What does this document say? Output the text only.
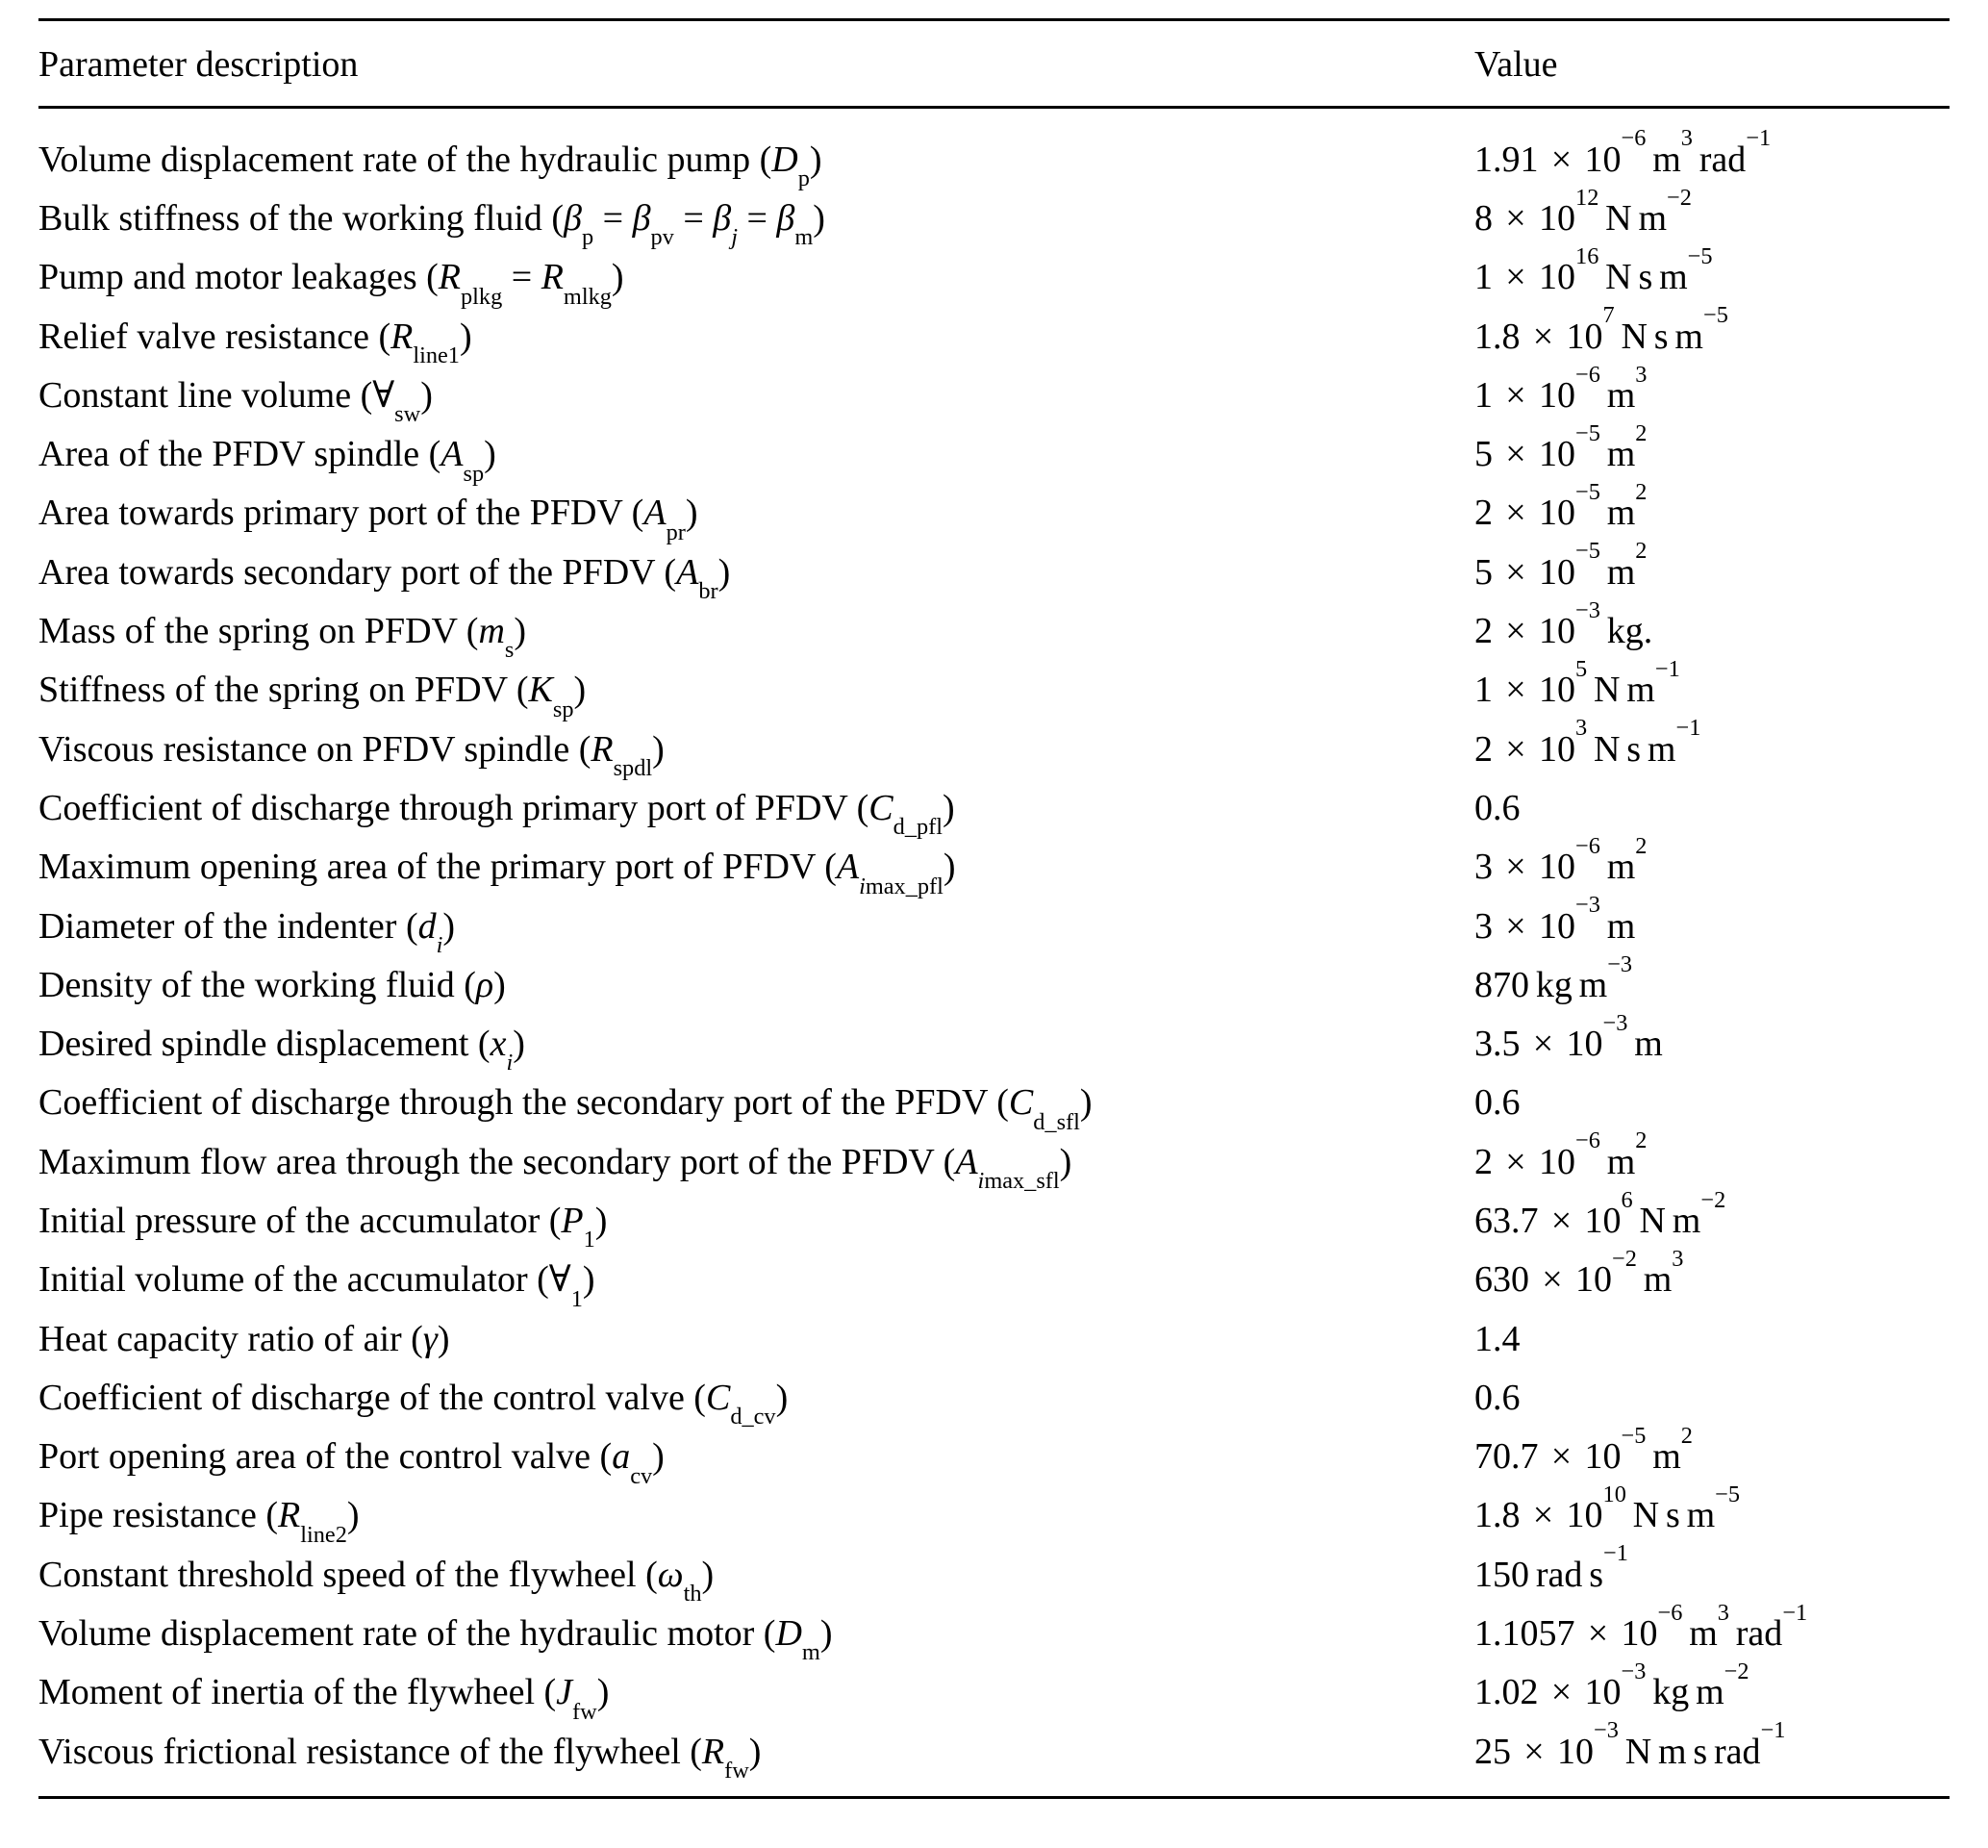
Parameter description	Value
Volume displacement rate of the hydraulic pump $(D_p)$	$1.91 \times 10^{-6}m^3rad^{-1}$
Bulk stiffness of the working fluid $(\beta_p = \beta_{pv} = \beta_j = \beta_m)$	$8 \times 10^{12}N$ $m^{-2}$
Pump and motor leakages $(R_{plkg} = R_{mlkg})$	$1 \times 10^{16}N$ s $m^{-5}$
Relief valve resistance $(R_{line1})$	$1.8 \times 10^7N$ s $m^{-5}$
Constant line volume $(\forall_{sw})$	$1 \times 10^{-6}m^3$
Area of the PFDV spindle $(A_{sp})$	$5 \times 10^{-5}m^2$
Area towards primary port of the PFDV $(A_{pr})$	$2 \times 10^{-5}m^2$
Area towards secondary port of the PFDV $(A_{br})$	$5 \times 10^{-5}m^2$
Mass of the spring on PFDV $(m_s)$	$2 \times 10^{-3}kg$.
Stiffness of the spring on PFDV $(K_{sp})$	$1 \times 10^5N$ $m^{-1}$
Viscous resistance on PFDV spindle $(R_{spdl})$	$2 \times 10^3N$ s $m^{-1}$
Coefficient of discharge through primary port of PFDV $(C_{d\_pfl})$	0.6
Maximum opening area of the primary port of PFDV $(A_{imax\_pfl})$	$3 \times 10^{-6}m^2$
Diameter of the indenter $(d_i)$	$3 \times 10^{-3}m$
Density of the working fluid (ρ)	870 kg $m^{-3}$
Desired spindle displacement $(x_i)$	$3.5 \times 10^{-3}m$
Coefficient of discharge through the secondary port of the PFDV $(C_{d\_sfl})$	0.6
Maximum flow area through the secondary port of the PFDV $(A_{imax\_sfl})$	$2 \times 10^{-6}m^2$
Initial pressure of the accumulator $(P_1)$	$63.7 \times 10^6N$ $m^{-2}$
Initial volume of the accumulator $(\forall_1)$	$630 \times 10^{-2}m^3$
Heat capacity ratio of air (γ)	1.4
Coefficient of discharge of the control valve $(C_{d\_cv})$	0.6
Port opening area of the control valve $(a_{cv})$	$70.7 \times 10^{-5}m^2$
Pipe resistance $(R_{line2})$	$1.8 \times 10^{10}N$ s $m^{-5}$
Constant threshold speed of the flywheel $(\omega_{th})$	150 rad $s^{-1}$
Volume displacement rate of the hydraulic motor $(D_m)$	$1.1057 \times 10^{-6}m^3rad^{-1}$
Moment of inertia of the flywheel $(J_{fw})$	$1.02 \times 10^{-3}kg$ $m^{-2}$
Viscous frictional resistance of the flywheel $(R_{fw})$	$25 \times 10^{-3}N$ m s rad$^{-1}$
